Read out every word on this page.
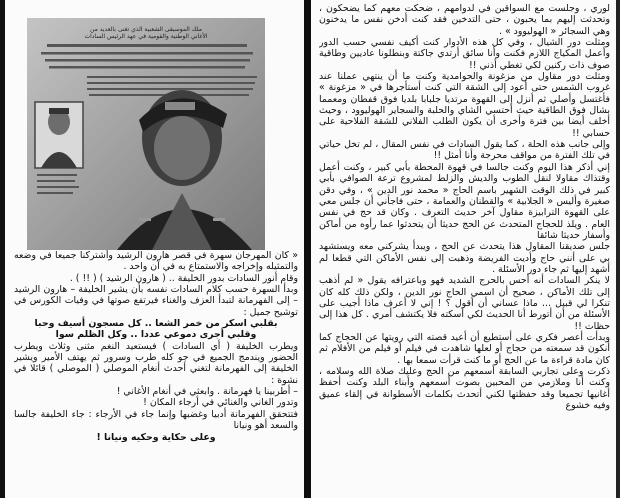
ملك الموسيقى الشعبية الذي تغنى بالعديد من
الأغاني الوطنية والقومية في عهد الرئيس السادات

« كان المهرجان سهرة في قصر هارون الرشيد وأشتركنا جميعا في وضعه والتمثيله وإخراجه والاستمتاع به في آن واحد .

وقام أنور السادات بدور الخليفة .. ( هارون الرشيد ) ( !! ) .

وبدأ السهرة حسب كلام السادات نفسه بأن يشير الخليفة – هارون الرشيد – إلى الفهرمانة لتبدأ العزف والغناء فيرتفع صوتها في وفيات الكورس في توشيح جميل :

بقلبي اسكر من خمر الشعا .. كل مسجون أسيف وحبا

وقلبي أجرى دموعي عددا .. وكل الظلم سوا

ويطرب الخليفة ( أي السادات ) فيستعيد النغم مثنى وثلاث ويطرب الحضور ويندمج الجميع في جو كله طرب وسرور ثم يهتف الأمير ويشير الخليفة إلى الفهرمانة لتغني أحدث أنغام الموصلي ( الموصلي ) قائلا في نشوة :

– أطربينا يا فهرمانة . وابعثي في أنغام الأغاني !

وتدور الغاني والغنائي في أرجاء المكان !

فتتحقق الفهرمانة أدبيا وغضبها وإنما جاء في الأرجاء : جاء الخليفة جالسا والسعد أهو ونيانا

وعلى حكاية وحكيه ونيانا !

لوري ، وجلست مع السواقين في لدوامهم ، ضحكت معهم كما يضحكون ، وتحدثت إليهم بما يحبون ، حتى التدخين فقد كنت أدخن نفس ما يدخنون وهي السجائر « الهوليوود » .

ومثلت دور الشيال ، وفي كل هذه الأدوار كنت أكيف نفسي حسب الدور وأعمل المكياج اللازم فكنت وأنا سائق أرتدي جاكتة وبنطلونا عاديين وطاقية صوف ذات ركنين لكي تغطي أذني !!

ومثلت دور مقاول من مزغونة والحوامدية وكنت ما أن ينتهي عملنا عند غروب الشمس حتى أعود إلى الشقة التي كنت أستأجرها في « مزغونة » فأغتسل وأصلي ثم أنزل إلى القهوة مرتديا جلبابا بلديا فوق قفطان ومعمما بشال فوق الطاقية حيث أحتسي الشاي والحلبة والسجاير الهوليوود ، وحيث أخلف أيضا بين فترة وأخرى أن يكون الطلب الفلاني للشقة الفلاحية على حسابي !!

وإلى جانب هذه الحلة ، كما يقول السادات في نفس المقال ، لم تخل حياتي في تلك الفترة من مواقف محرجة وأنا أمثل !!

إني أذكر هذا اليوم وكنت جالسا في قهوة المحطة بأبي كبير ، وكنت أعمل وقتذاك مقاولا لنقل الطوب والديش والزلط لمشروع ترعة الصوافي بأبي كبير في ذلك الوقت الشهير باسم الحاج « محمد نور الدين » ، وفي دقن صغيرة وأليس « الجلابية » والقطنان والعمامة ، حتى فاجأني أن جلس معي على القهوة الترابيزة مقاول آخر حديث التعرف . وكان قد حج في نفس العام . ويلذ للحجاج المتحدث عن الحج حديثا أن يتحدثوا عما رأوه من أماكن وأسفار حديثا شائقا

جلس صديقنا المقاول هذا يتحدث عن الحج ، ويبدأ يشركني معه ويستشهد بي على أنني حاج وأديت الفريضة وذهبت إلى نفس الأماكن التي قطعا لم أشهد إليها ثم جاء دور الأسئلة .

لا ينكر السادات أنه أحس بالحرج الشديد فهو وباعترافه يقول « لم أذهب إلى تلك الأماكن ، صحيح أن اسمي الحاج نور الدين ، ولكن ذلك كله كان تنكرا لي قبيل ... ماذا عساني أن أقول ؟ ! إني لا أعرف ماذا أجيب على الأسئلة من أن أتورط أنا الحديث لكي أسكته فلا يكتشف أمري . كل هذا إلى حظات !!

وبدأت أعصر فكري على أستطيع أن أعيد قصته التي رويتها عن الحجاج كما أنكون قد سمعته من حجاج أو لعلها شاهدت في فيلم أو فيلم من الأفلام ثم كان مادة قراءة ما عن الحج أو ما كنت قرأت سمعا بها .

ذكرت وعلى تجاربي السابقة أسمعهم من الحج وعليك صلاة الله وسلامه ، وكنت أنا وملازمي من المحبين بصوت أسمعهم وأبناء البلد وكنت أحفظ أغانيها تجميعا وقد حفظتها لكني أتحدث بكلمات الأسطوانة في إلقاء عميق وفيه خشوع
